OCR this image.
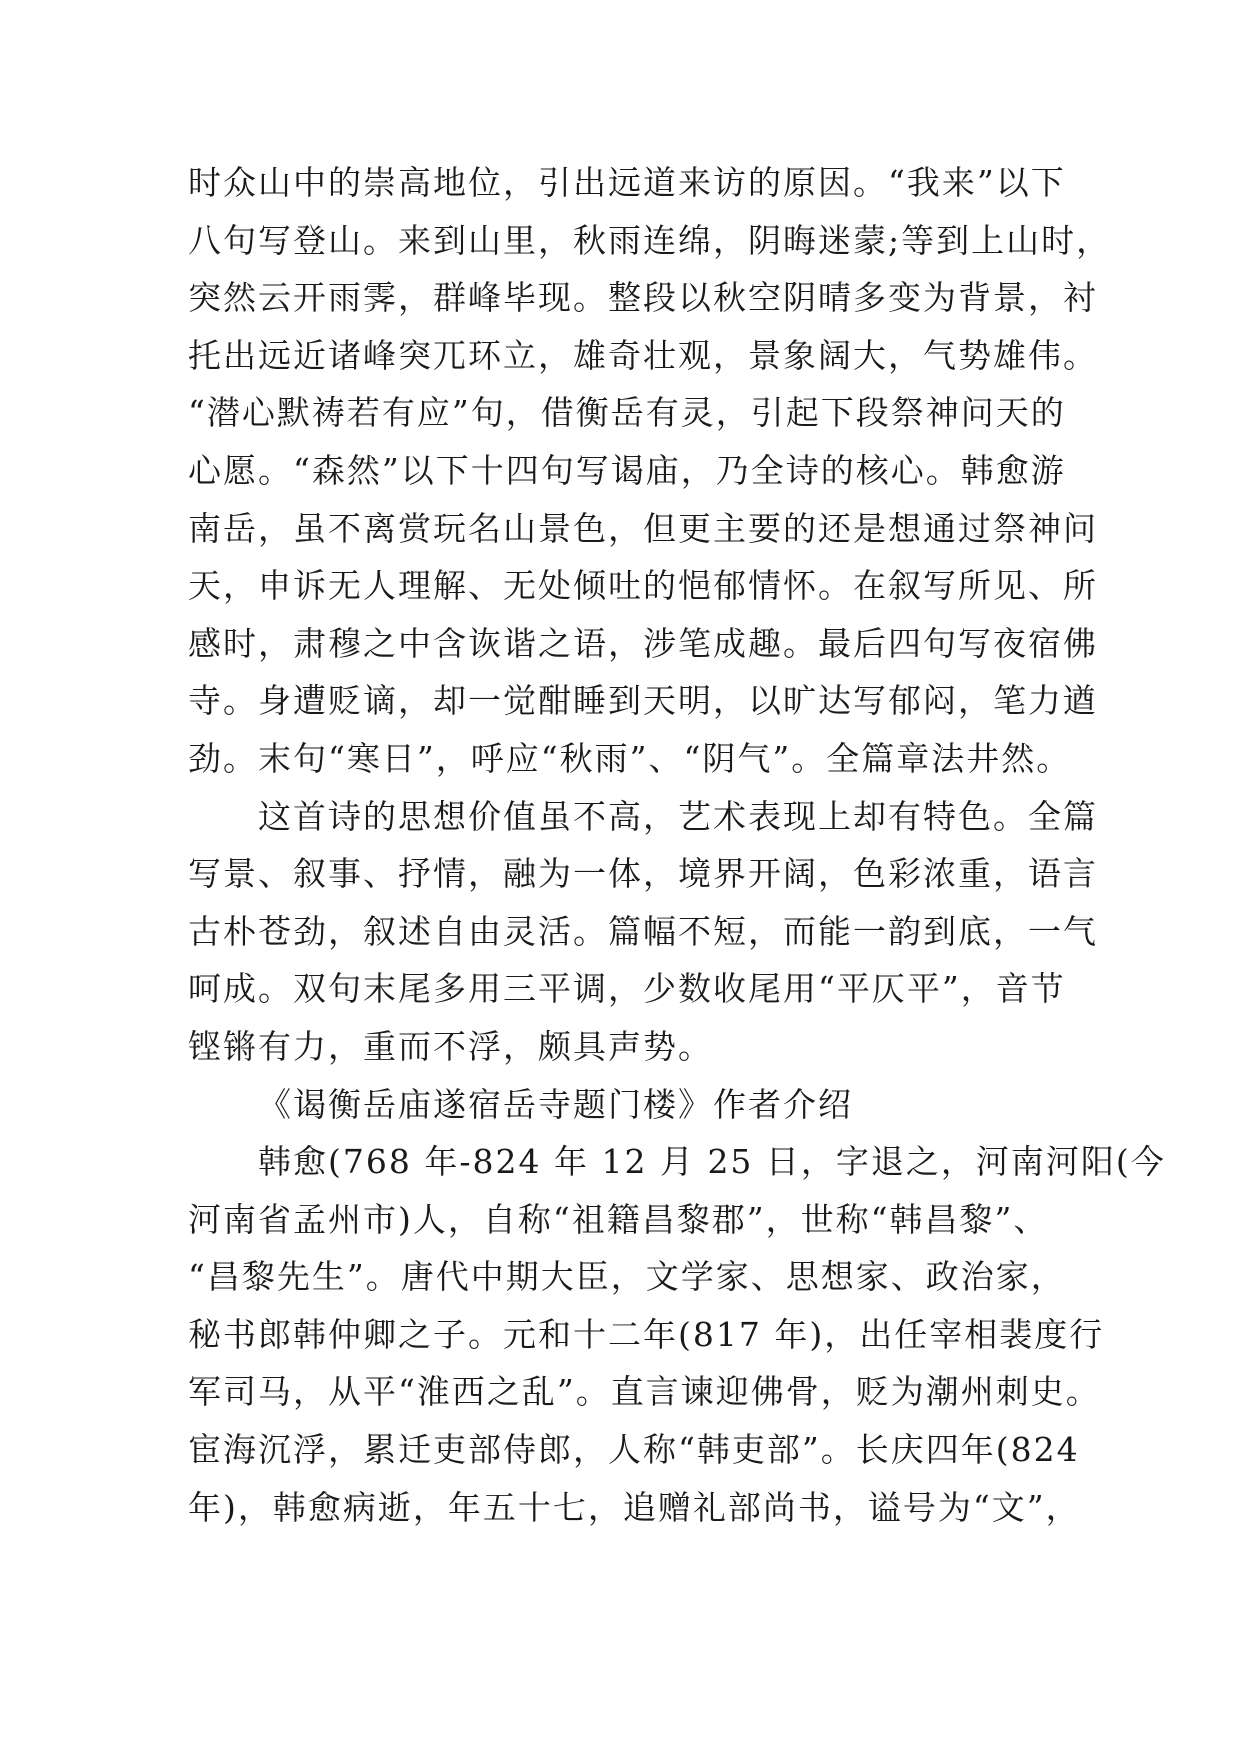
时众山中的崇高地位，引出远道来访的原因。“我来”以下
八句写登山。来到山里，秋雨连绵，阴晦迷蒙;等到上山时，
突然云开雨霁，群峰毕现。整段以秋空阴晴多变为背景，衬
托出远近诸峰突兀环立，雄奇壮观，景象阔大，气势雄伟。
“潜心默祷若有应”句，借衡岳有灵，引起下段祭神问天的
心愿。“森然”以下十四句写谒庙，乃全诗的核心。韩愈游
南岳，虽不离赏玩名山景色，但更主要的还是想通过祭神问
天，申诉无人理解、无处倾吐的悒郁情怀。在叙写所见、所
感时，肃穆之中含诙谐之语，涉笔成趣。最后四句写夜宿佛
寺。身遭贬谪，却一觉酣睡到天明，以旷达写郁闷，笔力遒
劲。末句“寒日”，呼应“秋雨”、“阴气”。全篇章法井然。
这首诗的思想价值虽不高，艺术表现上却有特色。全篇
写景、叙事、抒情，融为一体，境界开阔，色彩浓重，语言
古朴苍劲，叙述自由灵活。篇幅不短，而能一韵到底，一气
呵成。双句末尾多用三平调，少数收尾用“平仄平”，音节
铿锵有力，重而不浮，颇具声势。
《谒衡岳庙遂宿岳寺题门楼》作者介绍
韩愈(768 年-824 年 12 月 25 日，字退之，河南河阳(今
河南省孟州市)人，自称“祖籍昌黎郡”，世称“韩昌黎”、
“昌黎先生”。唐代中期大臣，文学家、思想家、政治家，
秘书郎韩仲卿之子。元和十二年(817 年)，出任宰相裴度行
军司马，从平“淮西之乱”。直言谏迎佛骨，贬为潮州刺史。
宦海沉浮，累迁吏部侍郎，人称“韩吏部”。长庆四年(824
年)，韩愈病逝，年五十七，追赠礼部尚书，谥号为“文”，
